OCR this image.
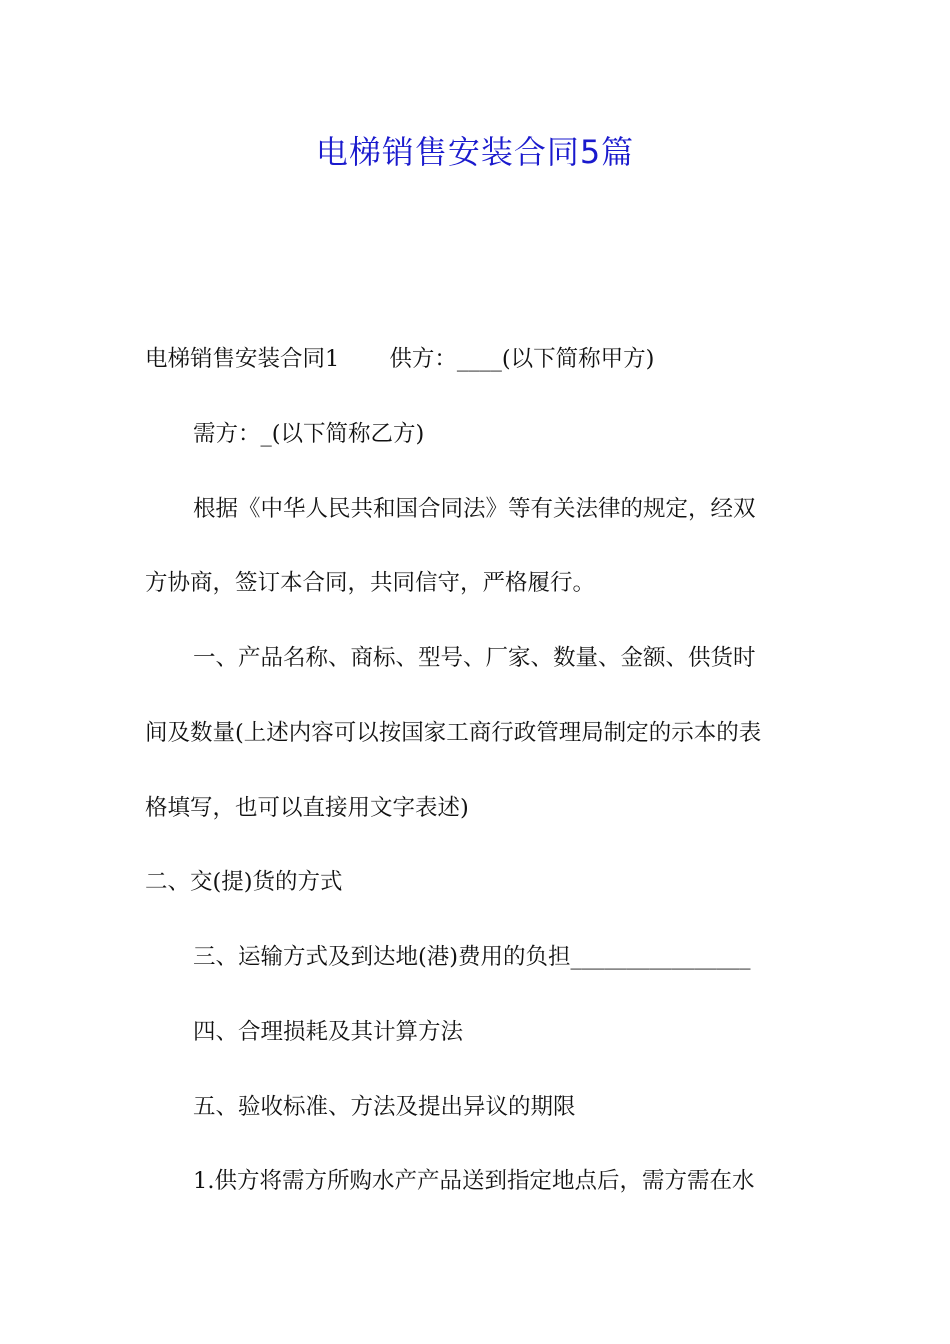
电梯销售安装合同5篇

电梯销售安装合同1 供方：____(以下简称甲方)

需方：_(以下简称乙方)

根据《中华人民共和国合同法》等有关法律的规定，经双

方协商，签订本合同，共同信守，严格履行。

一、产品名称、商标、型号、厂家、数量、金额、供货时

间及数量(上述内容可以按国家工商行政管理局制定的示本的表

格填写，也可以直接用文字表述)

二、交(提)货的方式

三、运输方式及到达地(港)费用的负担________________

四、合理损耗及其计算方法

五、验收标准、方法及提出异议的期限

1.供方将需方所购水产产品送到指定地点后，需方需在水
